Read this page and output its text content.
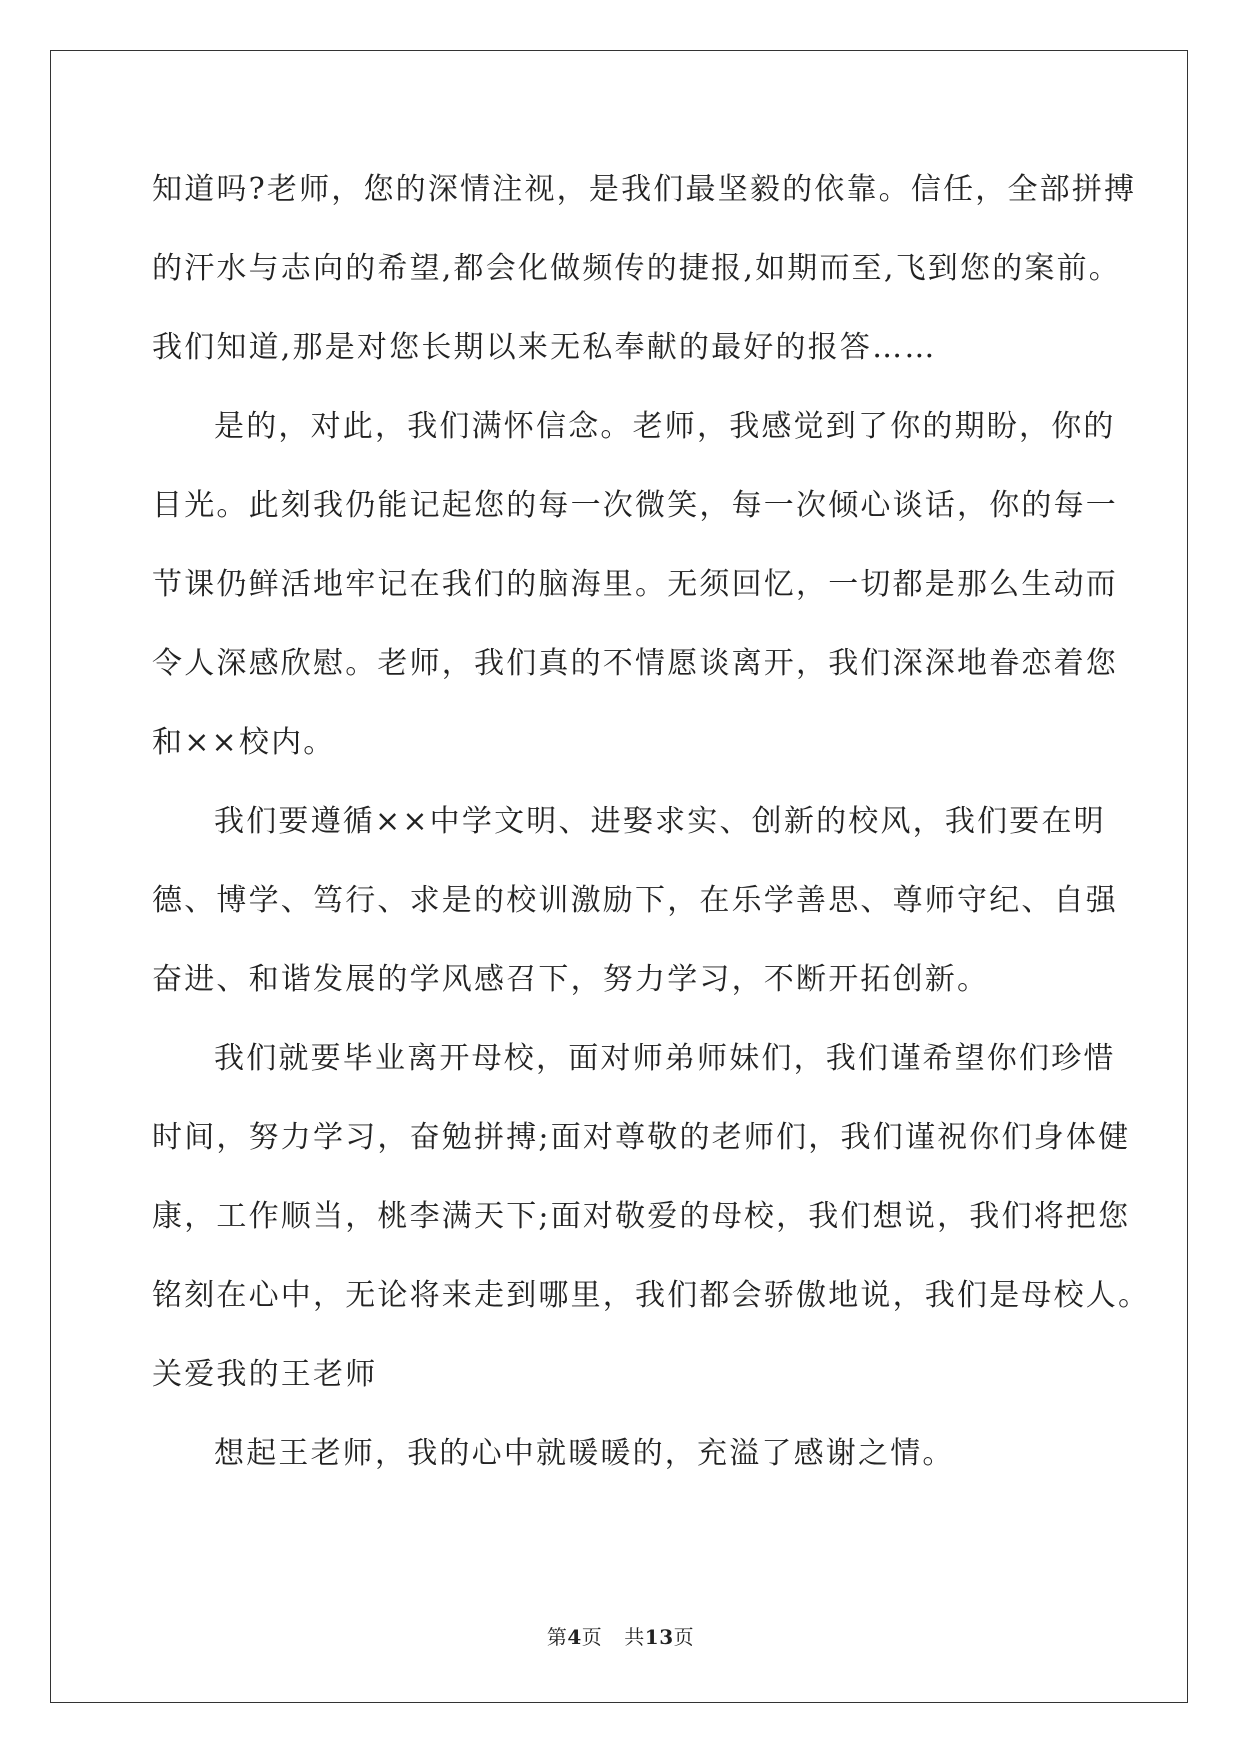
知道吗?老师，您的深情注视，是我们最坚毅的依靠。信任，全部拼搏
的汗水与志向的希望,都会化做频传的捷报,如期而至,飞到您的案前。
我们知道,那是对您长期以来无私奉献的最好的报答……
是的，对此，我们满怀信念。老师，我感觉到了你的期盼，你的
目光。此刻我仍能记起您的每一次微笑，每一次倾心谈话，你的每一
节课仍鲜活地牢记在我们的脑海里。无须回忆，一切都是那么生动而
令人深感欣慰。老师，我们真的不情愿谈离开，我们深深地眷恋着您
和××校内。
我们要遵循××中学文明、进娶求实、创新的校风，我们要在明
德、博学、笃行、求是的校训激励下，在乐学善思、尊师守纪、自强
奋进、和谐发展的学风感召下，努力学习，不断开拓创新。
我们就要毕业离开母校，面对师弟师妹们，我们谨希望你们珍惜
时间，努力学习，奋勉拼搏;面对尊敬的老师们，我们谨祝你们身体健
康，工作顺当，桃李满天下;面对敬爱的母校，我们想说，我们将把您
铭刻在心中，无论将来走到哪里，我们都会骄傲地说，我们是母校人。
关爱我的王老师
想起王老师，我的心中就暖暖的，充溢了感谢之情。
第4页 共13页
